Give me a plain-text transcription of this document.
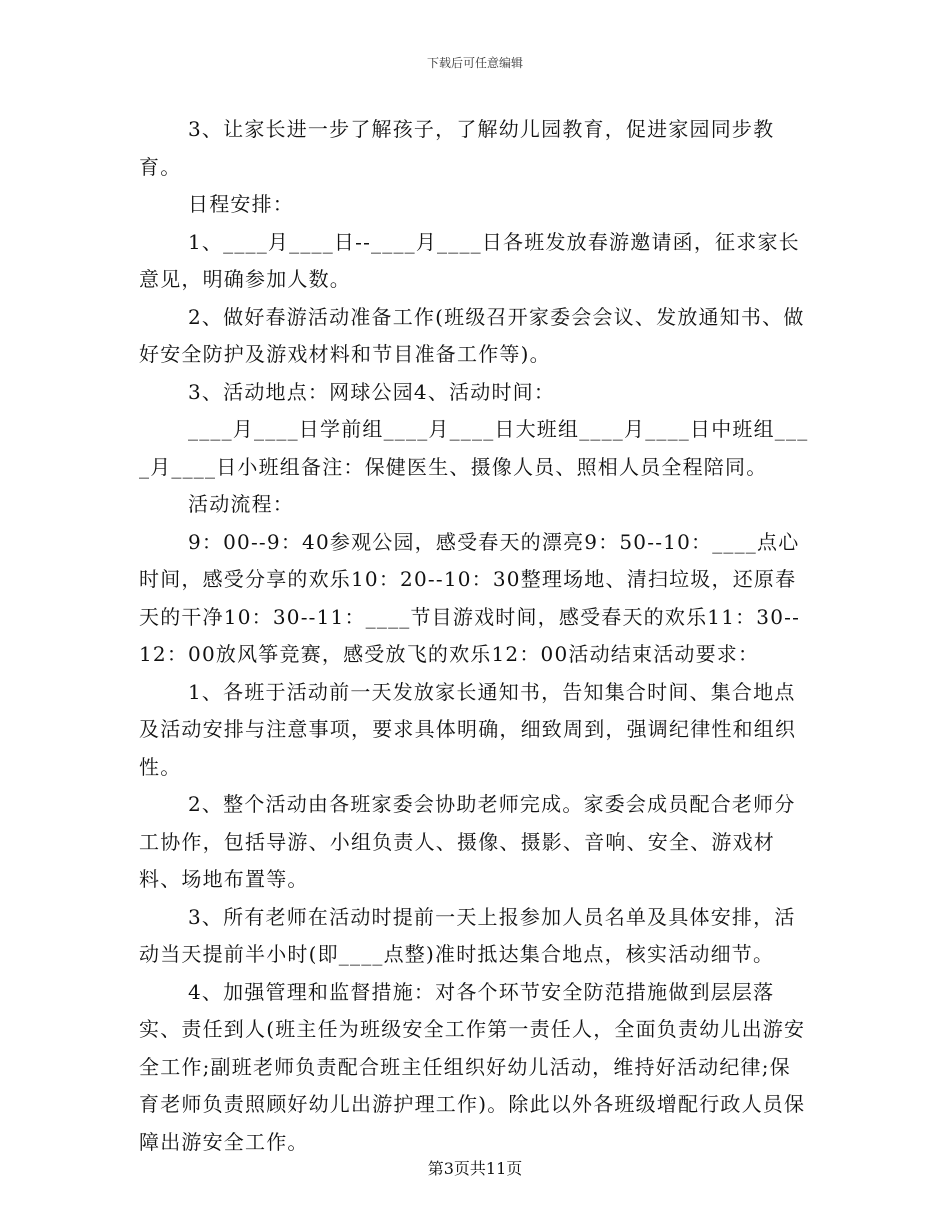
下载后可任意编辑

3、让家长进一步了解孩子，了解幼儿园教育，促进家园同步教育。

日程安排：

1、____月____日--____月____日各班发放春游邀请函，征求家长意见，明确参加人数。

2、做好春游活动准备工作(班级召开家委会会议、发放通知书、做好安全防护及游戏材料和节目准备工作等)。

3、活动地点：网球公园4、活动时间：

____月____日学前组____月____日大班组____月____日中班组____月____日小班组备注：保健医生、摄像人员、照相人员全程陪同。

活动流程：

9：00--9：40参观公园，感受春天的漂亮9：50--10：____点心时间，感受分享的欢乐10：20--10：30整理场地、清扫垃圾，还原春天的干净10：30--11：____节目游戏时间，感受春天的欢乐11：30--12：00放风筝竞赛，感受放飞的欢乐12：00活动结束活动要求：

1、各班于活动前一天发放家长通知书，告知集合时间、集合地点及活动安排与注意事项，要求具体明确，细致周到，强调纪律性和组织性。

2、整个活动由各班家委会协助老师完成。家委会成员配合老师分工协作，包括导游、小组负责人、摄像、摄影、音响、安全、游戏材料、场地布置等。

3、所有老师在活动时提前一天上报参加人员名单及具体安排，活动当天提前半小时(即____点整)准时抵达集合地点，核实活动细节。

4、加强管理和监督措施：对各个环节安全防范措施做到层层落实、责任到人(班主任为班级安全工作第一责任人，全面负责幼儿出游安全工作;副班老师负责配合班主任组织好幼儿活动，维持好活动纪律;保育老师负责照顾好幼儿出游护理工作)。除此以外各班级增配行政人员保障出游安全工作。

第3页共11页
